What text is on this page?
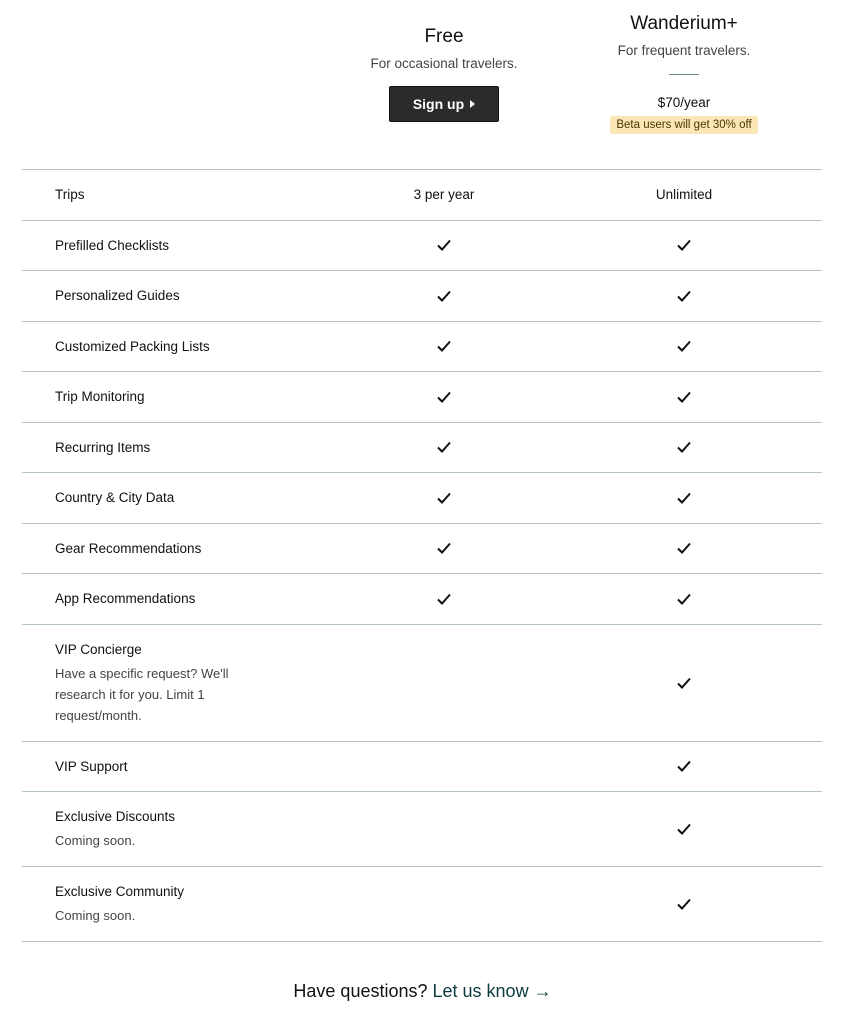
Free
For occasional travelers.
Sign up
Wanderium+
For frequent travelers.
$70/year
Beta users will get 30% off
Trips	3 per year	Unlimited
Prefilled Checklists
Personalized Guides
Customized Packing Lists
Trip Monitoring
Recurring Items
Country & City Data
Gear Recommendations
App Recommendations
VIP Concierge
Have a specific request? We'll research it for you. Limit 1 request/month.
VIP Support
Exclusive Discounts
Coming soon.
Exclusive Community
Coming soon.
Have questions? Let us know →
